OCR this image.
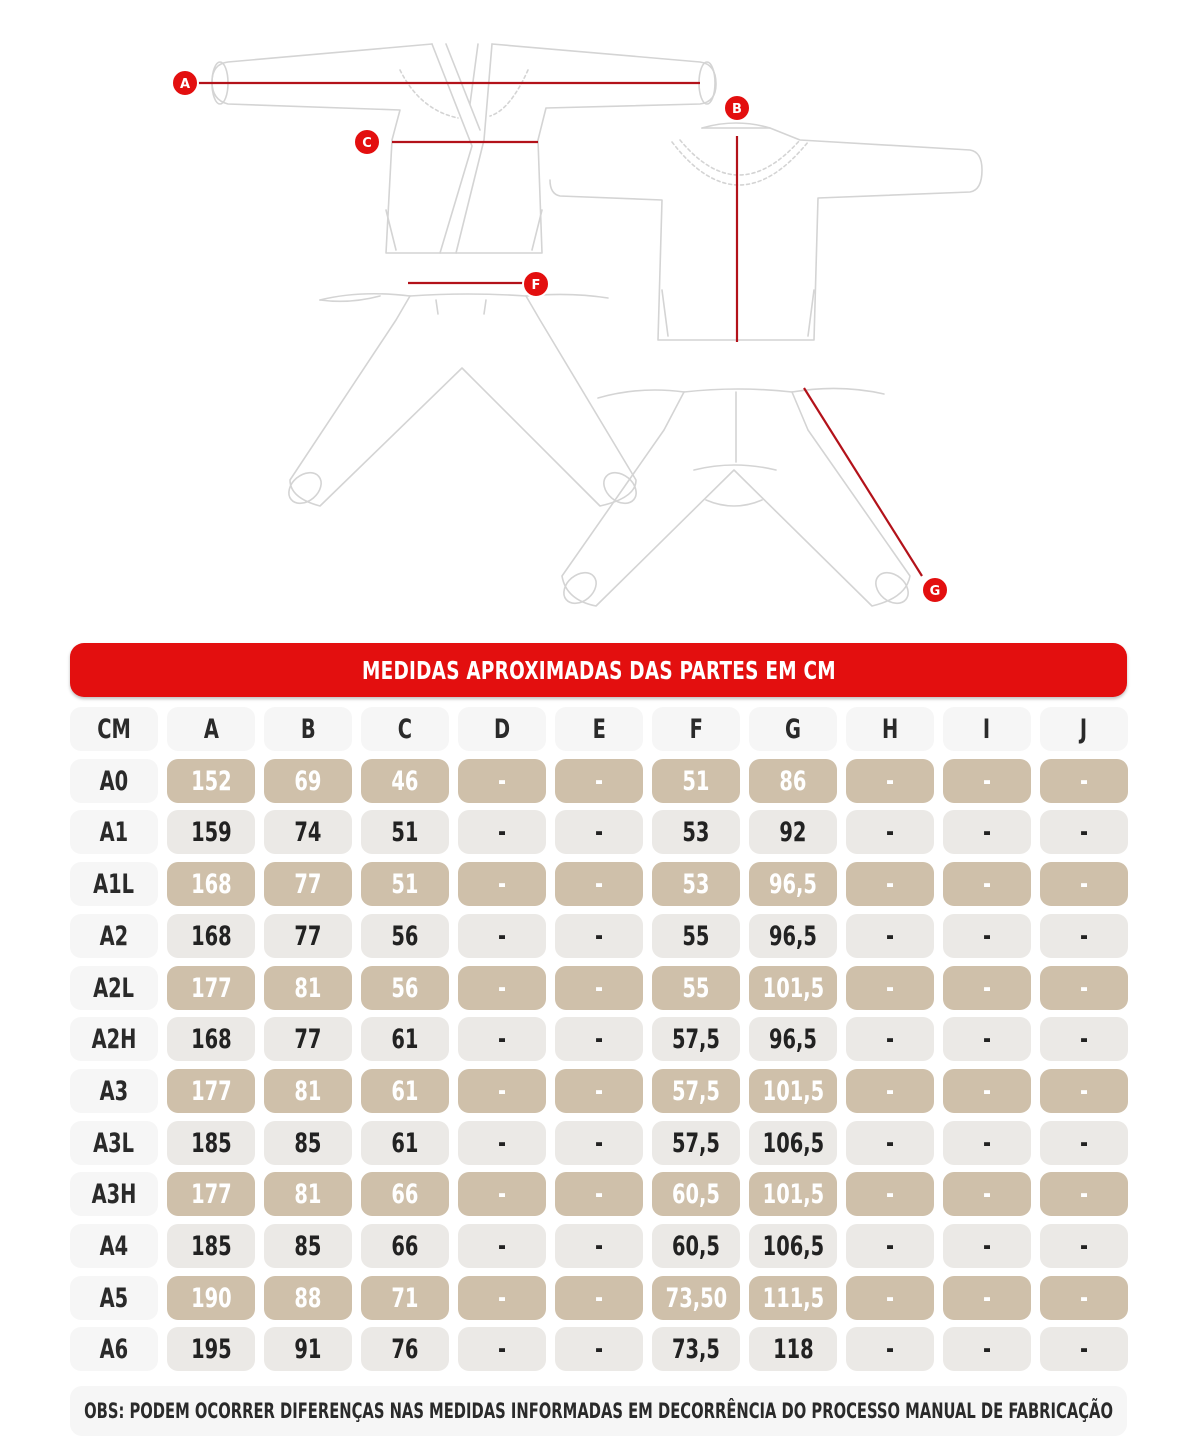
A
B
C
F
G
MEDIDAS APROXIMADAS DAS PARTES EM CM
CM	A	B	C	D	E	F	G	H	I	J
A0 152 69	46	-	-	51	86	-	-	-
A1 159 74	51	-	-	53	92	-	-	-
A1L 168 77	51	-	-	53 96,5	-	-	-
A2 168 77	56	-	-	55 96,5	-	-	-
A2L 177 81	56	-	-	55 101,5 -	-	-
A2H 168 77	61	-	-	57,5 96,5	-	-	-
A3 177 81	61	-	-	57,5 101,5 -	-	-
A3L 185 85	61	-	-	57,5 106,5 -	-	-
A3H 177 81	66	-	-	60,5 101,5 -	-	-
A4 185 85	66	-	-	60,5 106,5 -	-	-
A5 190 88	71	-	- 73,50 111,5 -	-	-
A6 195 91	76	-	-	73,5 118	-	-	-
OBS: PODEM OCORRER DIFERENÇAS NAS MEDIDAS INFORMADAS EM DECORRÊNCIA DO PROCESSO MANUAL DE FABRICAÇÃO
